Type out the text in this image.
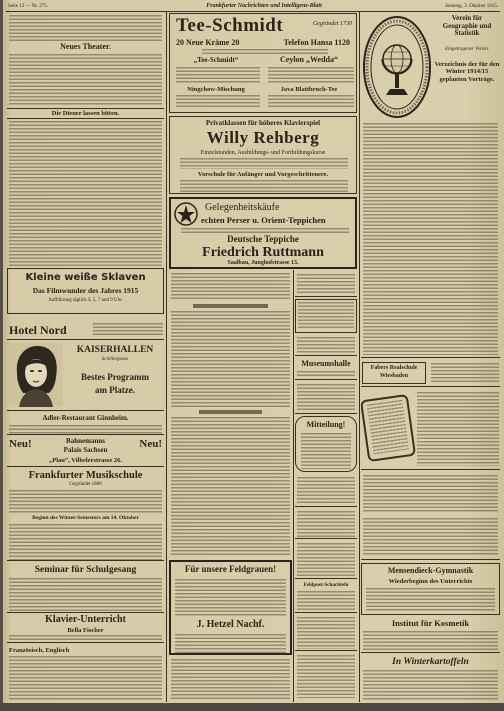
Seite 12 — Nr. 275.	Frankfurter Nachrichten und Intelligenz-Blatt	Sonntag, 3. Oktober 1915.
Neues Theater.
Die Diener lassen bitten.
Kleine weiße Sklaven
Das Filmwunder des Jahres 1915
Aufführung täglich 3, 5, 7 und 9 Uhr.
Hotel Nord
KAISERHALLEN
Schillergasse
Bestes Programm
am Platze.
Adler-Restaurant Ginnheim.
Neu!	Bahnemanns	Neu!
Palais Sachsen
„Plau“, Vilbelerstrasse 26.
Frankfurter Musikschule
Gegründet 1880
Beginn des Winter-Semesters am 14. Oktober
Seminar für Schulgesang
Klavier-Unterricht
Bella Fischer
Französisch, Englisch
Tee-Schmidt	Gegründet 1730
20 Neue Kräme 20	Telefon Hansa 1120
„Tee-Schmidt“
Ningchow-Mischung
Ceylon „Wedda“
Java Blattbruch-Tee
Privatklassen für höheres Klavierspiel
Willy Rehberg
Einzelstunden, Ausbildungs- und Fortbildungskurse
Vorschule für Anfänger und Vorgeschrittenere.
Gelegenheitskäufe
echten Perser u. Orient-Teppichen
Deutsche Teppiche
Friedrich Ruttmann
Saalbau, Junghofstrasse 13.
Für unsere Feldgrauen!
J. Hetzel Nachf.
Museumshalle
Mitteilung!
Feldpost-Schachteln
Verein für Geographie und Statistik
Eingetragener Verein.
Verzeichnis der für den Winter 1914/15 geplanten Vorträge.
Fabers Realschule
Wiesbaden
Mensendieck-Gymnastik
Wiederbeginn des Unterrichts
Institut für Kosmetik
In Winterkartoffeln
